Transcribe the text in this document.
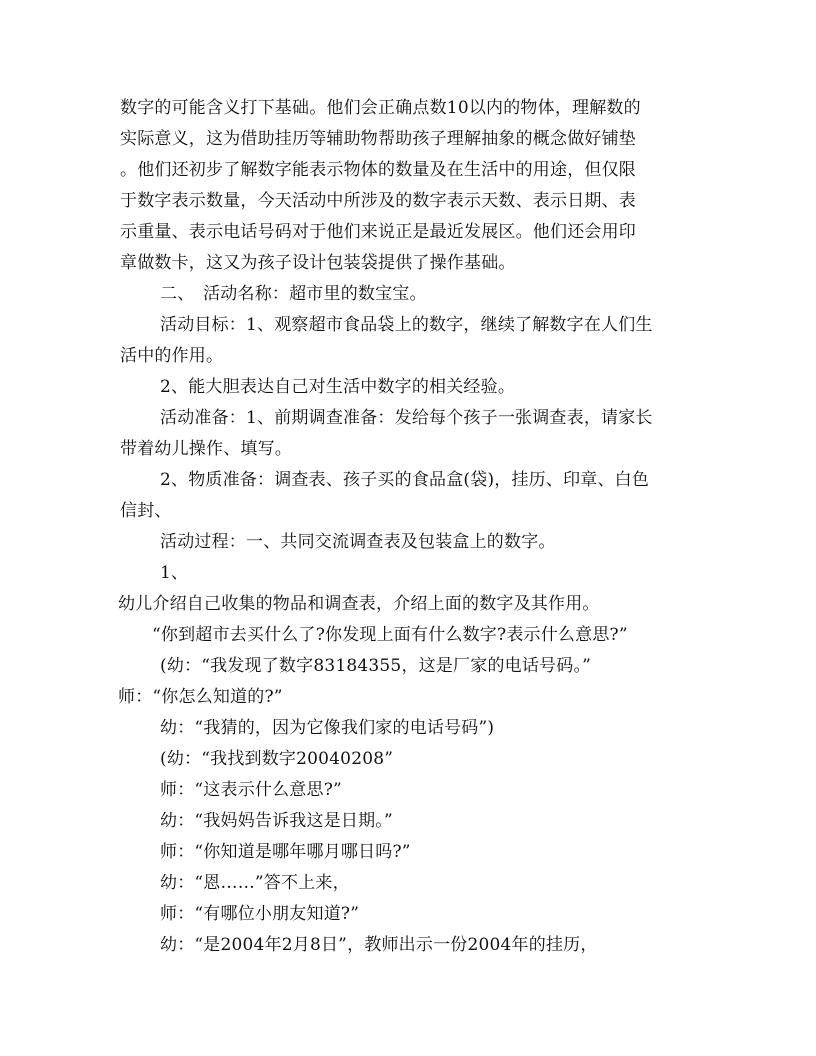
数字的可能含义打下基础。他们会正确点数10以内的物体，理解数的
实际意义，这为借助挂历等辅助物帮助孩子理解抽象的概念做好铺垫
。他们还初步了解数字能表示物体的数量及在生活中的用途，但仅限
于数字表示数量，今天活动中所涉及的数字表示天数、表示日期、表
示重量、表示电话号码对于他们来说正是最近发展区。他们还会用印
章做数卡，这又为孩子设计包装袋提供了操作基础。
二、　活动名称：超市里的数宝宝。
活动目标：1、观察超市食品袋上的数字，继续了解数字在人们生
活中的作用。
2、能大胆表达自己对生活中数字的相关经验。
活动准备：1、前期调查准备：发给每个孩子一张调查表，请家长
带着幼儿操作、填写。
2、物质准备：调查表、孩子买的食品盒(袋)，挂历、印章、白色
信封、
活动过程：一、共同交流调查表及包装盒上的数字。
1、
幼儿介绍自己收集的物品和调查表，介绍上面的数字及其作用。
“你到超市去买什么了?你发现上面有什么数字?表示什么意思?”
(幼：“我发现了数字83184355，这是厂家的电话号码。”
师：“你怎么知道的?”
幼：“我猜的，因为它像我们家的电话号码”)
(幼：“我找到数字20040208”
师：“这表示什么意思?”
幼：“我妈妈告诉我这是日期。”
师：“你知道是哪年哪月哪日吗?”
幼：“恩……”答不上来，
师：“有哪位小朋友知道?”
幼：“是2004年2月8日”，教师出示一份2004年的挂历，
